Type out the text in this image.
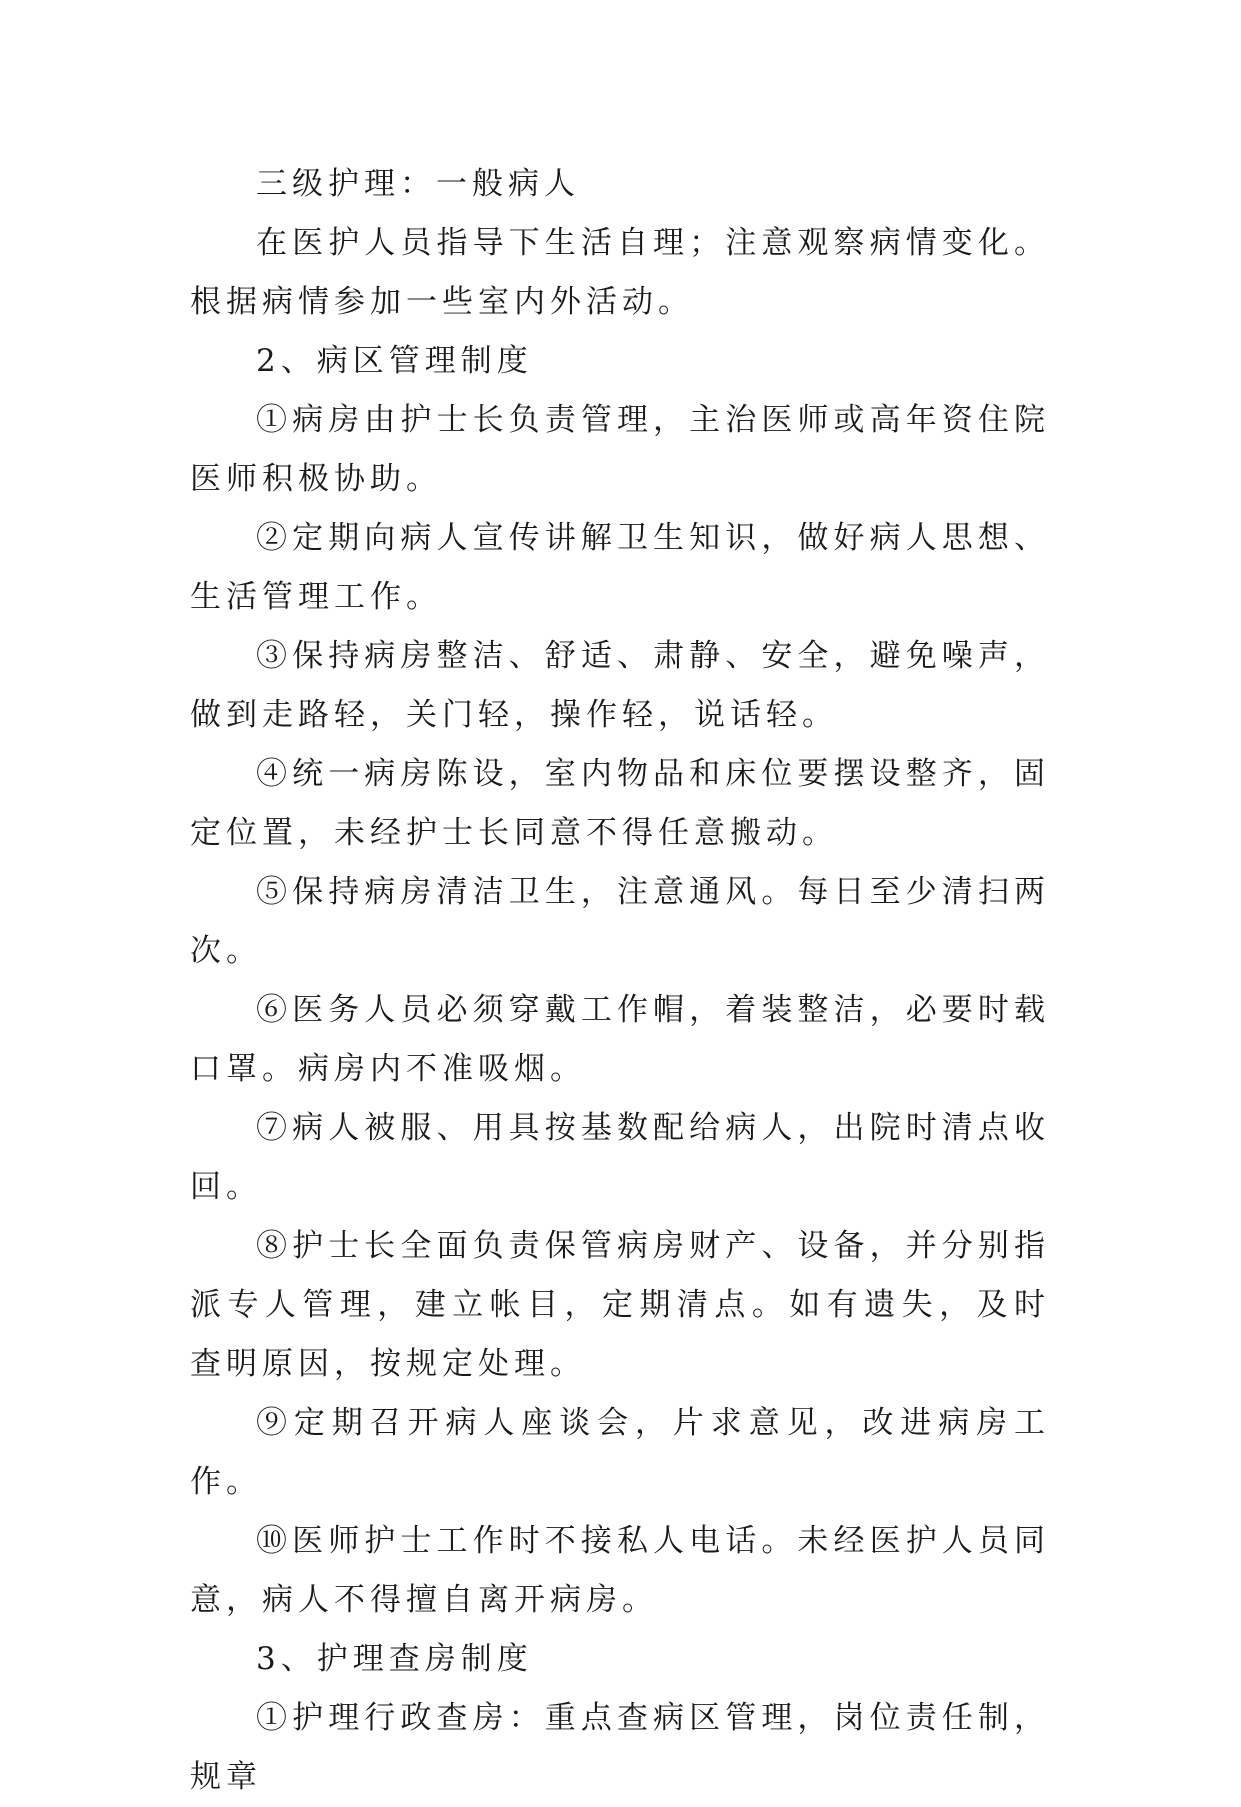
三级护理：一般病人

在医护人员指导下生活自理；注意观察病情变化。根据病情参加一些室内外活动。

2、病区管理制度

①病房由护士长负责管理，主治医师或高年资住院医师积极协助。

②定期向病人宣传讲解卫生知识，做好病人思想、生活管理工作。

③保持病房整洁、舒适、肃静、安全，避免噪声，做到走路轻，关门轻，操作轻，说话轻。

④统一病房陈设，室内物品和床位要摆设整齐，固定位置，未经护士长同意不得任意搬动。

⑤保持病房清洁卫生，注意通风。每日至少清扫两次。

⑥医务人员必须穿戴工作帽，着装整洁，必要时载口罩。病房内不准吸烟。

⑦病人被服、用具按基数配给病人，出院时清点收回。

⑧护士长全面负责保管病房财产、设备，并分别指派专人管理，建立帐目，定期清点。如有遗失，及时查明原因，按规定处理。

⑨定期召开病人座谈会，片求意见，改进病房工作。

⑩医师护士工作时不接私人电话。未经医护人员同意，病人不得擅自离开病房。

3、护理查房制度

①护理行政查房：重点查病区管理，岗位责任制，规章
